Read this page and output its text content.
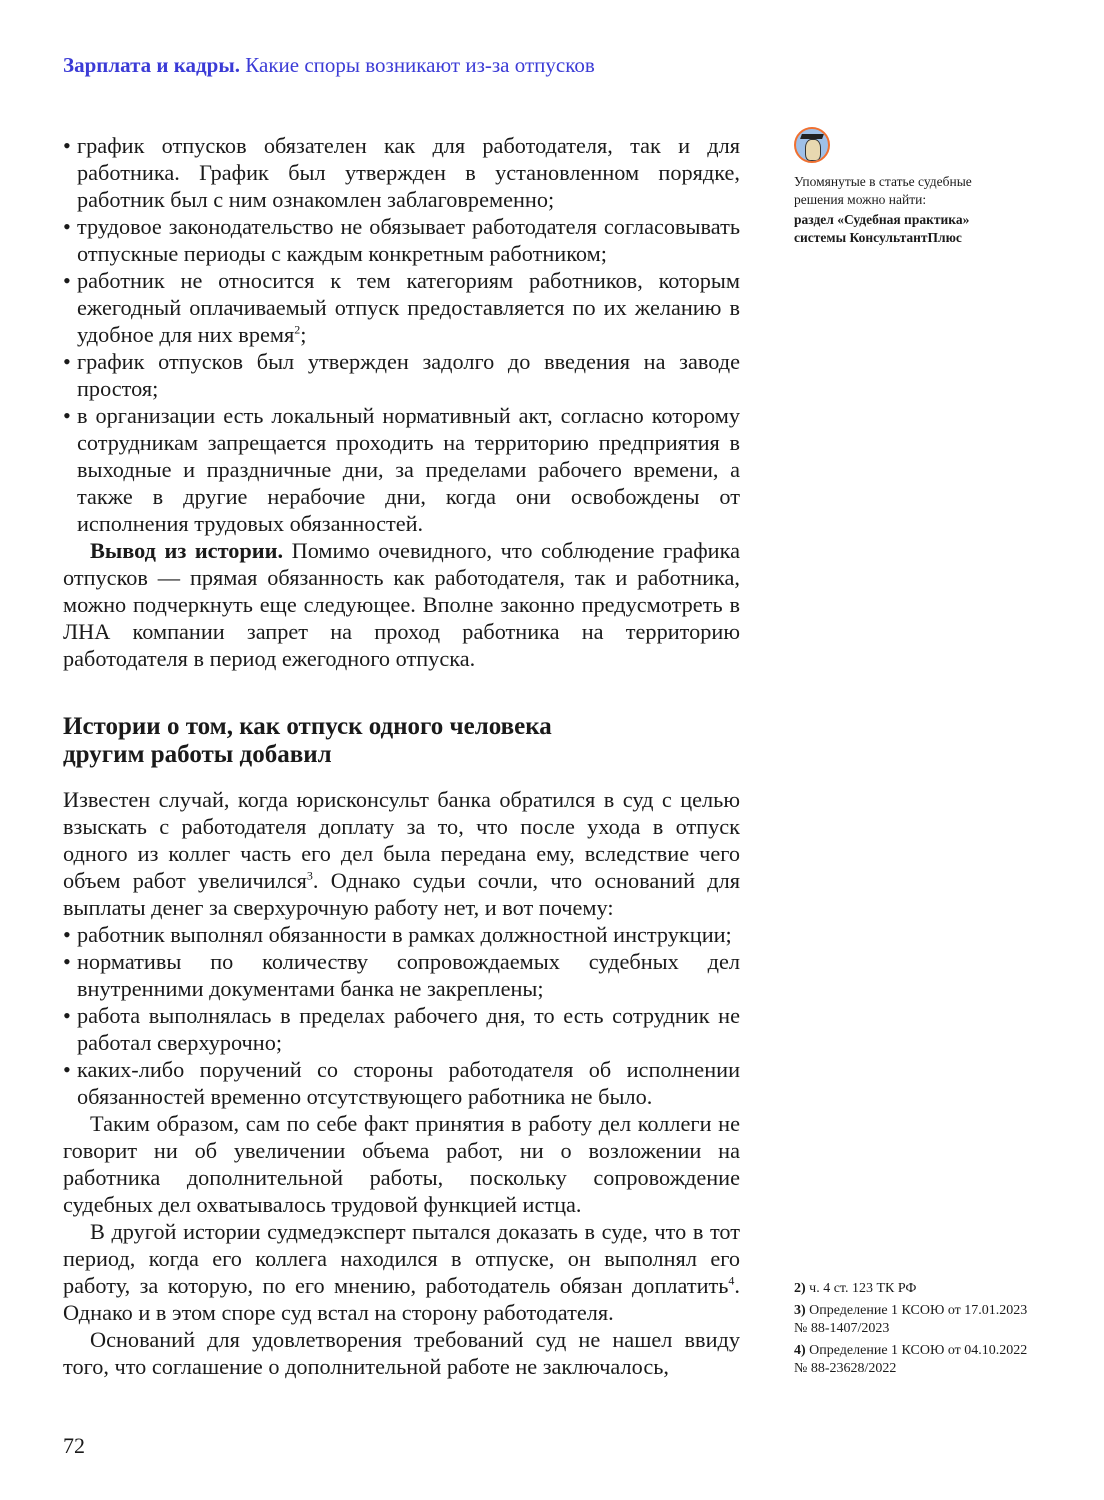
Зарплата и кадры. Какие споры возникают из-за отпусков
• график отпусков обязателен как для работодателя, так и для работника. График был утвержден в установленном порядке, работник был с ним ознакомлен заблаговременно;
• трудовое законодательство не обязывает работодателя согласовывать отпускные периоды с каждым конкретным работником;
• работник не относится к тем категориям работников, которым ежегодный оплачиваемый отпуск предоставляется по их желанию в удобное для них время$^2$;
• график отпусков был утвержден задолго до введения на заводе простоя;
• в организации есть локальный нормативный акт, согласно которому сотрудникам запрещается проходить на территорию предприятия в выходные и праздничные дни, за пределами рабочего времени, а также в другие нерабочие дни, когда они освобождены от исполнения трудовых обязанностей.

Вывод из истории. Помимо очевидного, что соблюдение графика отпусков — прямая обязанность как работодателя, так и работника, можно подчеркнуть еще следующее. Вполне законно предусмотреть в ЛНА компании запрет на проход работника на территорию работодателя в период ежегодного отпуска.

Истории о том, как отпуск одного человека
другим работы добавил

Известен случай, когда юрисконсульт банка обратился в суд с целью взыскать с работодателя доплату за то, что после ухода в отпуск одного из коллег часть его дел была передана ему, вследствие чего объем работ увеличился$^3$. Однако судьи сочли, что оснований для выплаты денег за сверхурочную работу нет, и вот почему:

• работник выполнял обязанности в рамках должностной инструкции;
• нормативы по количеству сопровождаемых судебных дел внутренними документами банка не закреплены;
• работа выполнялась в пределах рабочего дня, то есть сотрудник не работал сверхурочно;
• каких-либо поручений со стороны работодателя об исполнении обязанностей временно отсутствующего работника не было.

Таким образом, сам по себе факт принятия в работу дел коллеги не говорит ни об увеличении объема работ, ни о возложении на работника дополнительной работы, поскольку сопровождение судебных дел охватывалось трудовой функцией истца.

В другой истории судмедэксперт пытался доказать в суде, что в тот период, когда его коллега находился в отпуске, он выполнял его работу, за которую, по его мнению, работодатель обязан доплатить$^4$. Однако и в этом споре суд встал на сторону работодателя.

Оснований для удовлетворения требований суд не нашел ввиду того, что соглашение о дополнительной работе не заключалось,

Упомянутые в статье судебные решения можно найти:
раздел «Судебная практика» системы КонсультантПлюс
2) ч. 4 ст. 123 ТК РФ
3) Определение 1 КСОЮ от 17.01.2023 № 88-1407/2023
4) Определение 1 КСОЮ от 04.10.2022 № 88-23628/2022
72
